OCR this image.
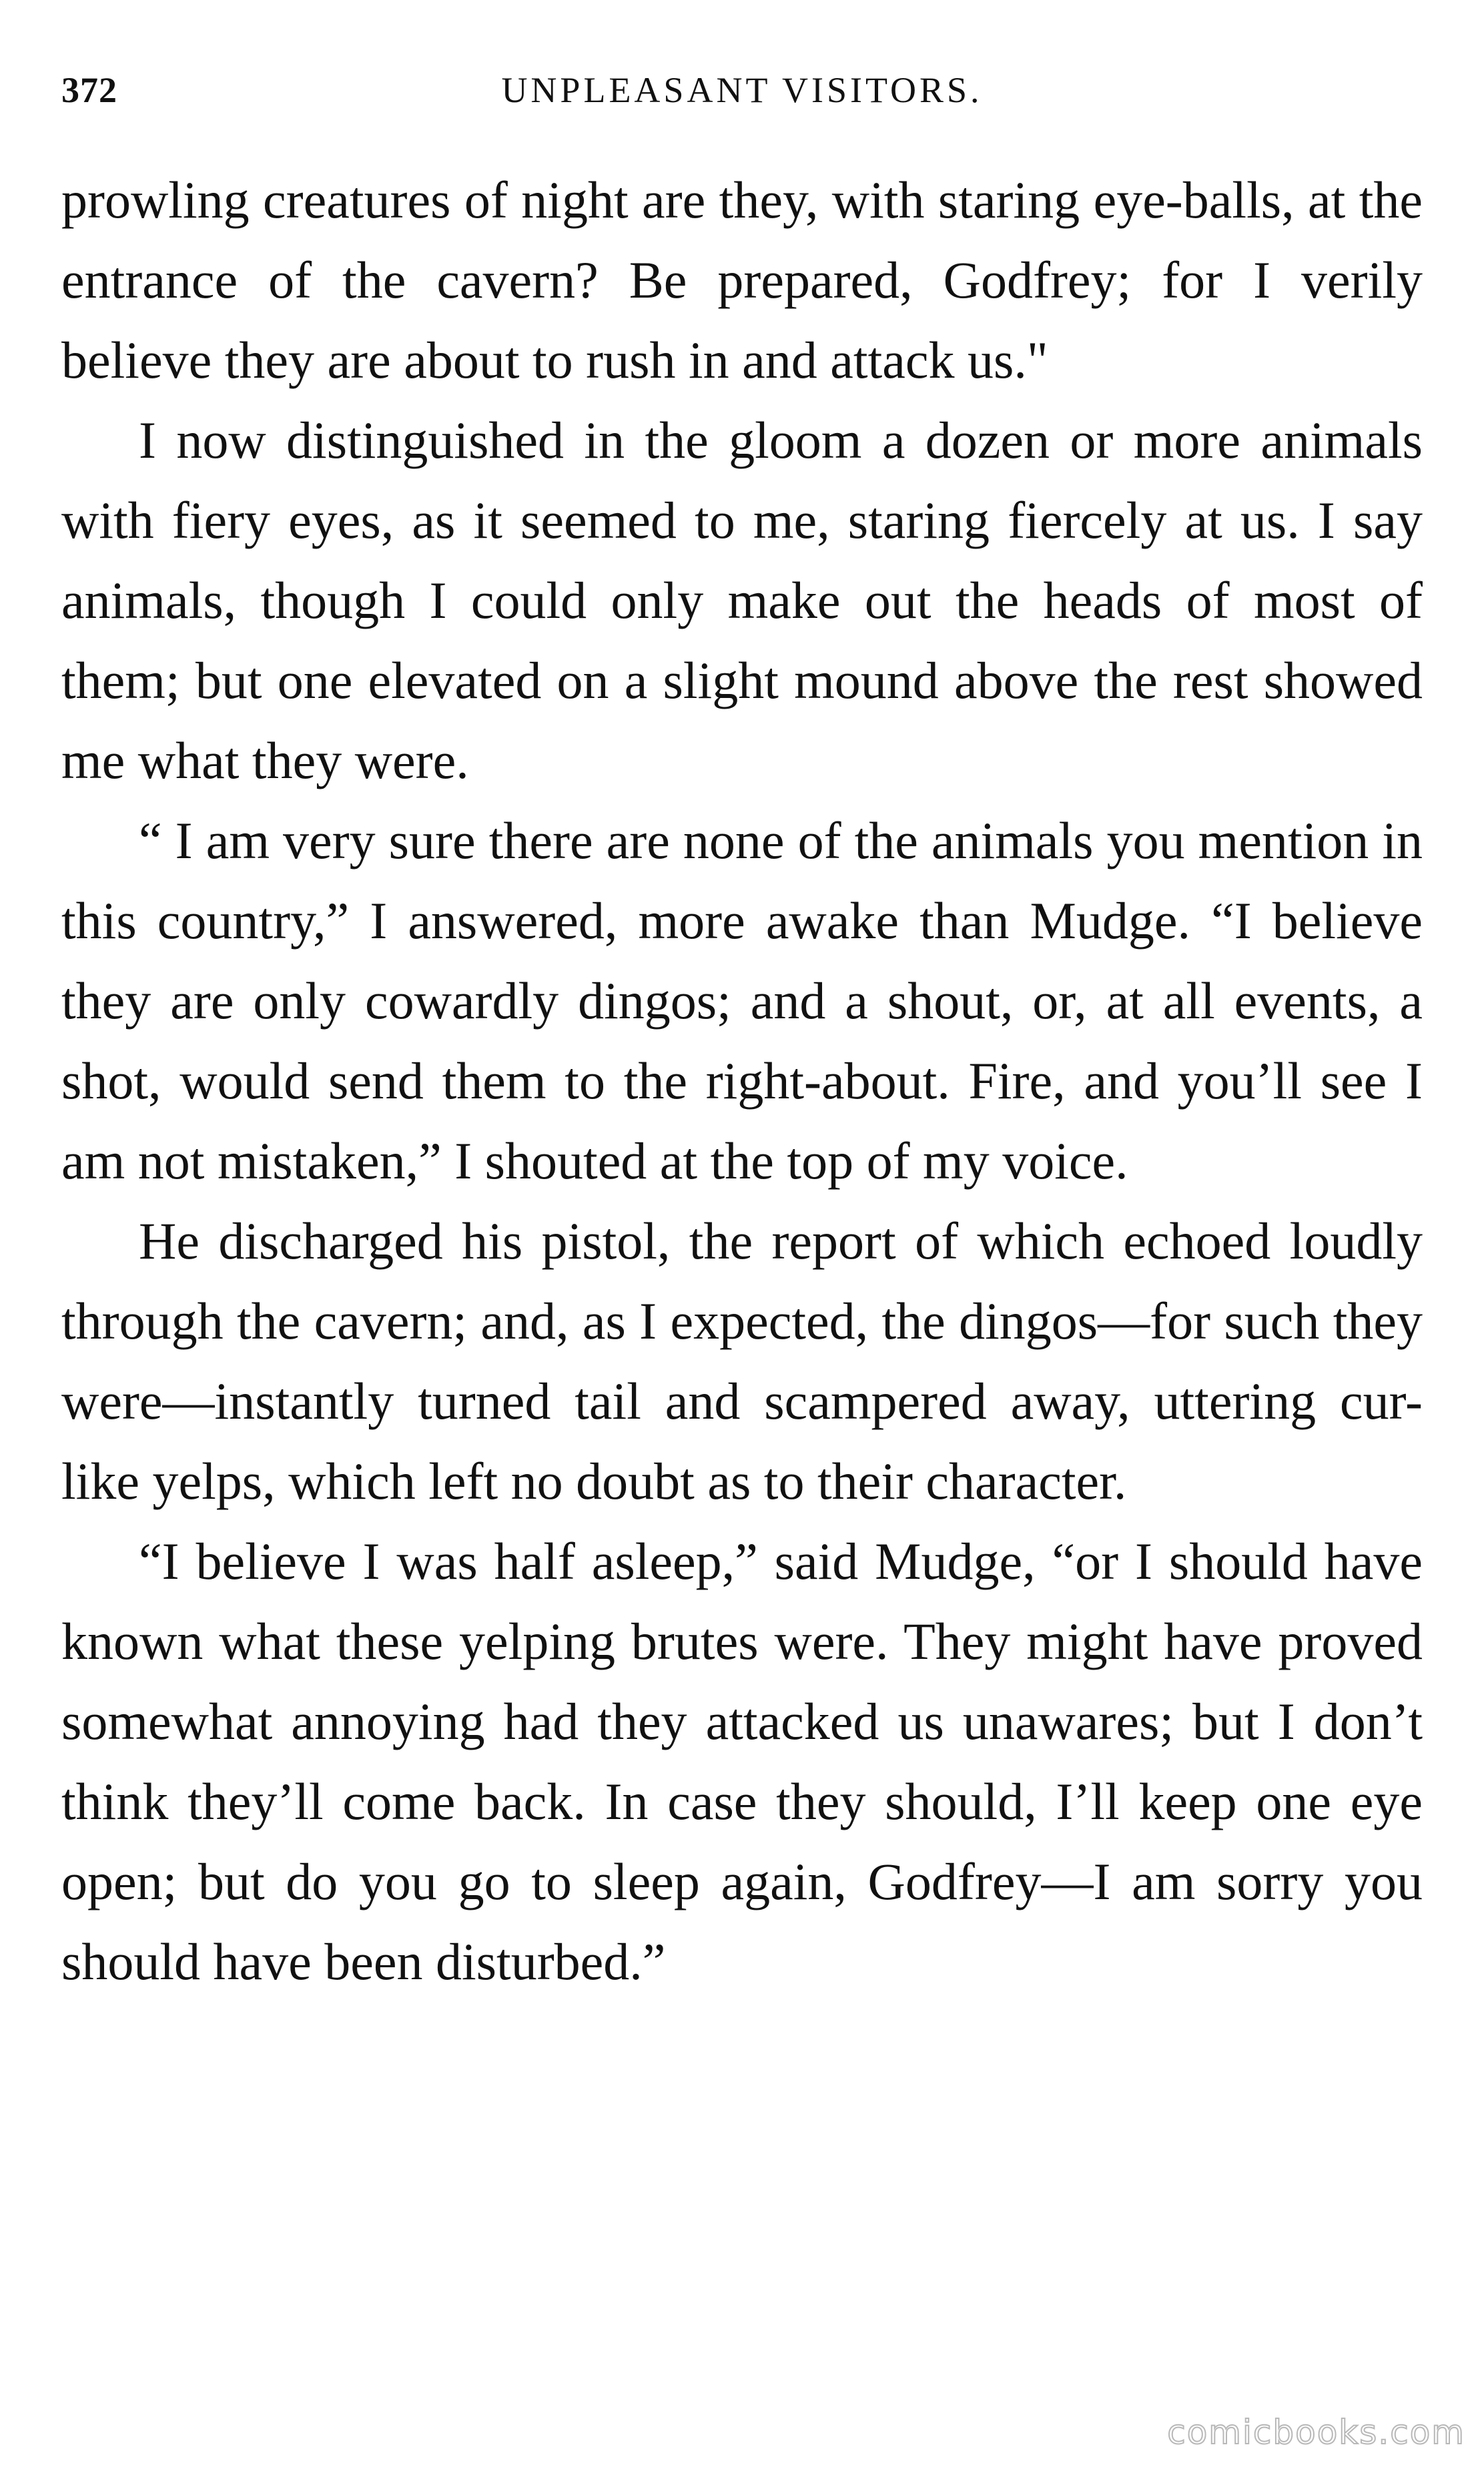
372	UNPLEASANT VISITORS.

prowling creatures of night are they, with staring eye-balls, at the entrance of the cavern? Be prepared, Godfrey; for I verily believe they are about to rush in and attack us."

I now distinguished in the gloom a dozen or more animals with fiery eyes, as it seemed to me, staring fiercely at us. I say animals, though I could only make out the heads of most of them; but one elevated on a slight mound above the rest showed me what they were.

“ I am very sure there are none of the animals you mention in this country,” I answered, more awake than Mudge. “I believe they are only cowardly dingos; and a shout, or, at all events, a shot, would send them to the right-about. Fire, and you’ll see I am not mistaken,” I shouted at the top of my voice.

He discharged his pistol, the report of which echoed loudly through the cavern; and, as I expected, the dingos—for such they were—instantly turned tail and scampered away, uttering cur-like yelps, which left no doubt as to their character.

“I believe I was half asleep,” said Mudge, “or I should have known what these yelping brutes were. They might have proved somewhat annoying had they attacked us unawares; but I don’t think they’ll come back. In case they should, I’ll keep one eye open; but do you go to sleep again, Godfrey—I am sorry you should have been disturbed.”

comicbooks.com
